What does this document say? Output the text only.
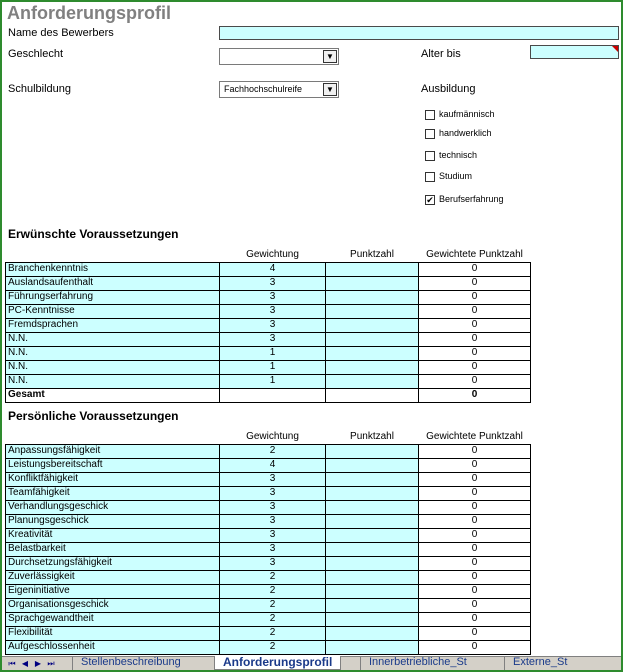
Anforderungsprofil
Name des Bewerbers
Geschlecht	▼	Alter bis
Schulbildung	Fachhochschulreife	▼	Ausbildung
kaufmännisch
handwerklich
technisch
Studium
✔ Berufserfahrung
Erwünschte Voraussetzungen
	Gewichtung	Punktzahl	Gewichtete Punktzahl
Branchenkenntnis	4		0
Auslandsaufenthalt	3		0
Führungserfahrung	3		0
PC-Kenntnisse	3		0
Fremdsprachen	3		0
N.N.	3		0
N.N.	1		0
N.N.	1		0
N.N.	1		0
Gesamt			0
Persönliche Voraussetzungen
	Gewichtung	Punktzahl	Gewichtete Punktzahl
Anpassungsfähigkeit	2		0
Leistungsbereitschaft	4		0
Konfliktfähigkeit	3		0
Teamfähigkeit	3		0
Verhandlungsgeschick	3		0
Planungsgeschick	3		0
Kreativität	3		0
Belastbarkeit	3		0
Durchsetzungsfähigkeit	3		0
Zuverlässigkeit	2		0
Eigeninitiative	2		0
Organisationsgeschick	2		0
Sprachgewandtheit	2		0
Flexibilität	2		0
Aufgeschlossenheit	2		0
⏮ ◀ ▶ ⏭	Stellenbeschreibung	Anforderungsprofil	Innerbetriebliche_St	Externe_St
